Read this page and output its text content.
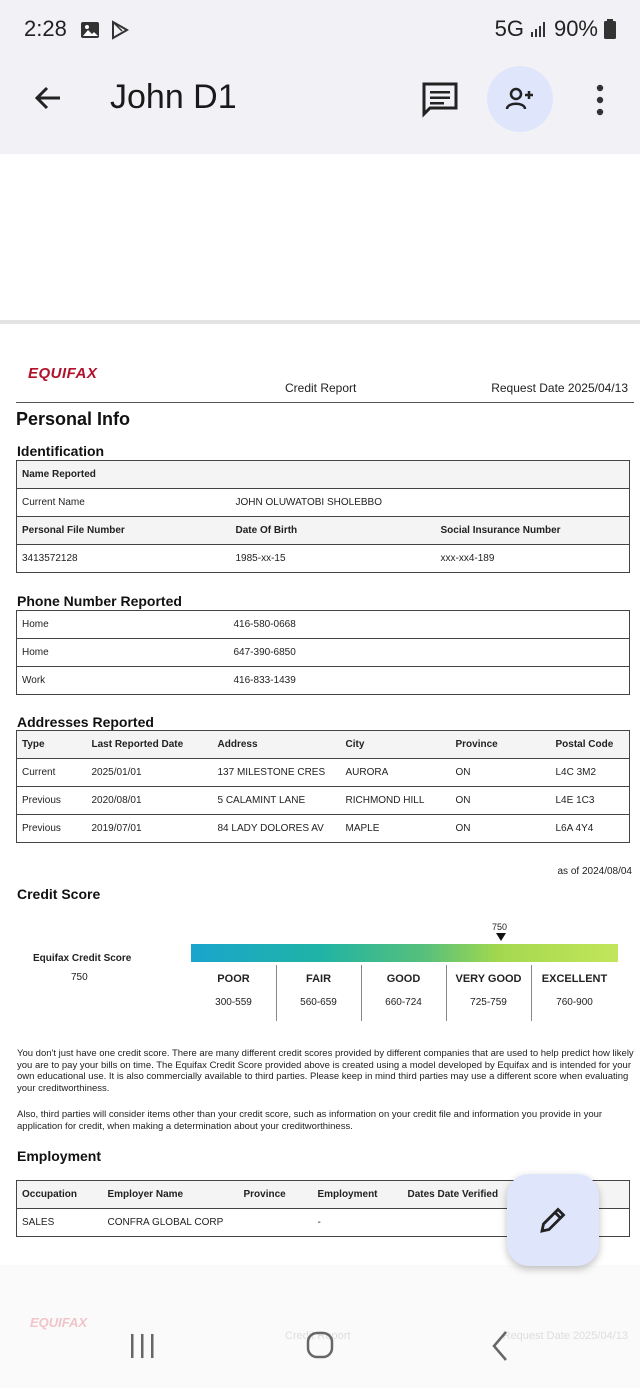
2:28	5G 90%
John D1
EQUIFAX
Credit Report	Request Date 2025/04/13
Personal Info
Identification
Name Reported		
Current Name	JOHN OLUWATOBI SHOLEBBO	
Personal File Number	Date Of Birth	Social Insurance Number
3413572128	1985-xx-15	xxx-xx4-189
Phone Number Reported
Home	416-580-0668
Home	647-390-6850
Work	416-833-1439
Addresses Reported
Type	Last Reported Date	Address	City	Province	Postal Code
Current	2025/01/01	137 MILESTONE CRES	AURORA	ON	L4C 3M2
Previous	2020/08/01	5 CALAMINT LANE	RICHMOND HILL	ON	L4E 1C3
Previous	2019/07/01	84 LADY DOLORES AV	MAPLE	ON	L6A 4Y4
as of 2024/08/04
Credit Score
Equifax Credit Score
750
750
POOR
300-559
FAIR
560-659
GOOD
660-724
VERY GOOD
725-759
EXCELLENT
760-900
You don't just have one credit score. There are many different credit scores provided by different companies that are used to help predict how likely you are to pay your bills on time. The Equifax Credit Score provided above is created using a model developed by Equifax and is intended for your own educational use. It is also commercially available to third parties. Please keep in mind third parties may use a different score when evaluating your creditworthiness.
Also, third parties will consider items other than your credit score, such as information on your credit file and information you provide in your application for credit, when making a determination about your creditworthiness.
Employment
Occupation	Employer Name	Province	Employment	Dates Date Verified
SALES	CONFRA GLOBAL CORP		-	
EQUIFAX
Credit Report	Request Date 2025/04/13
